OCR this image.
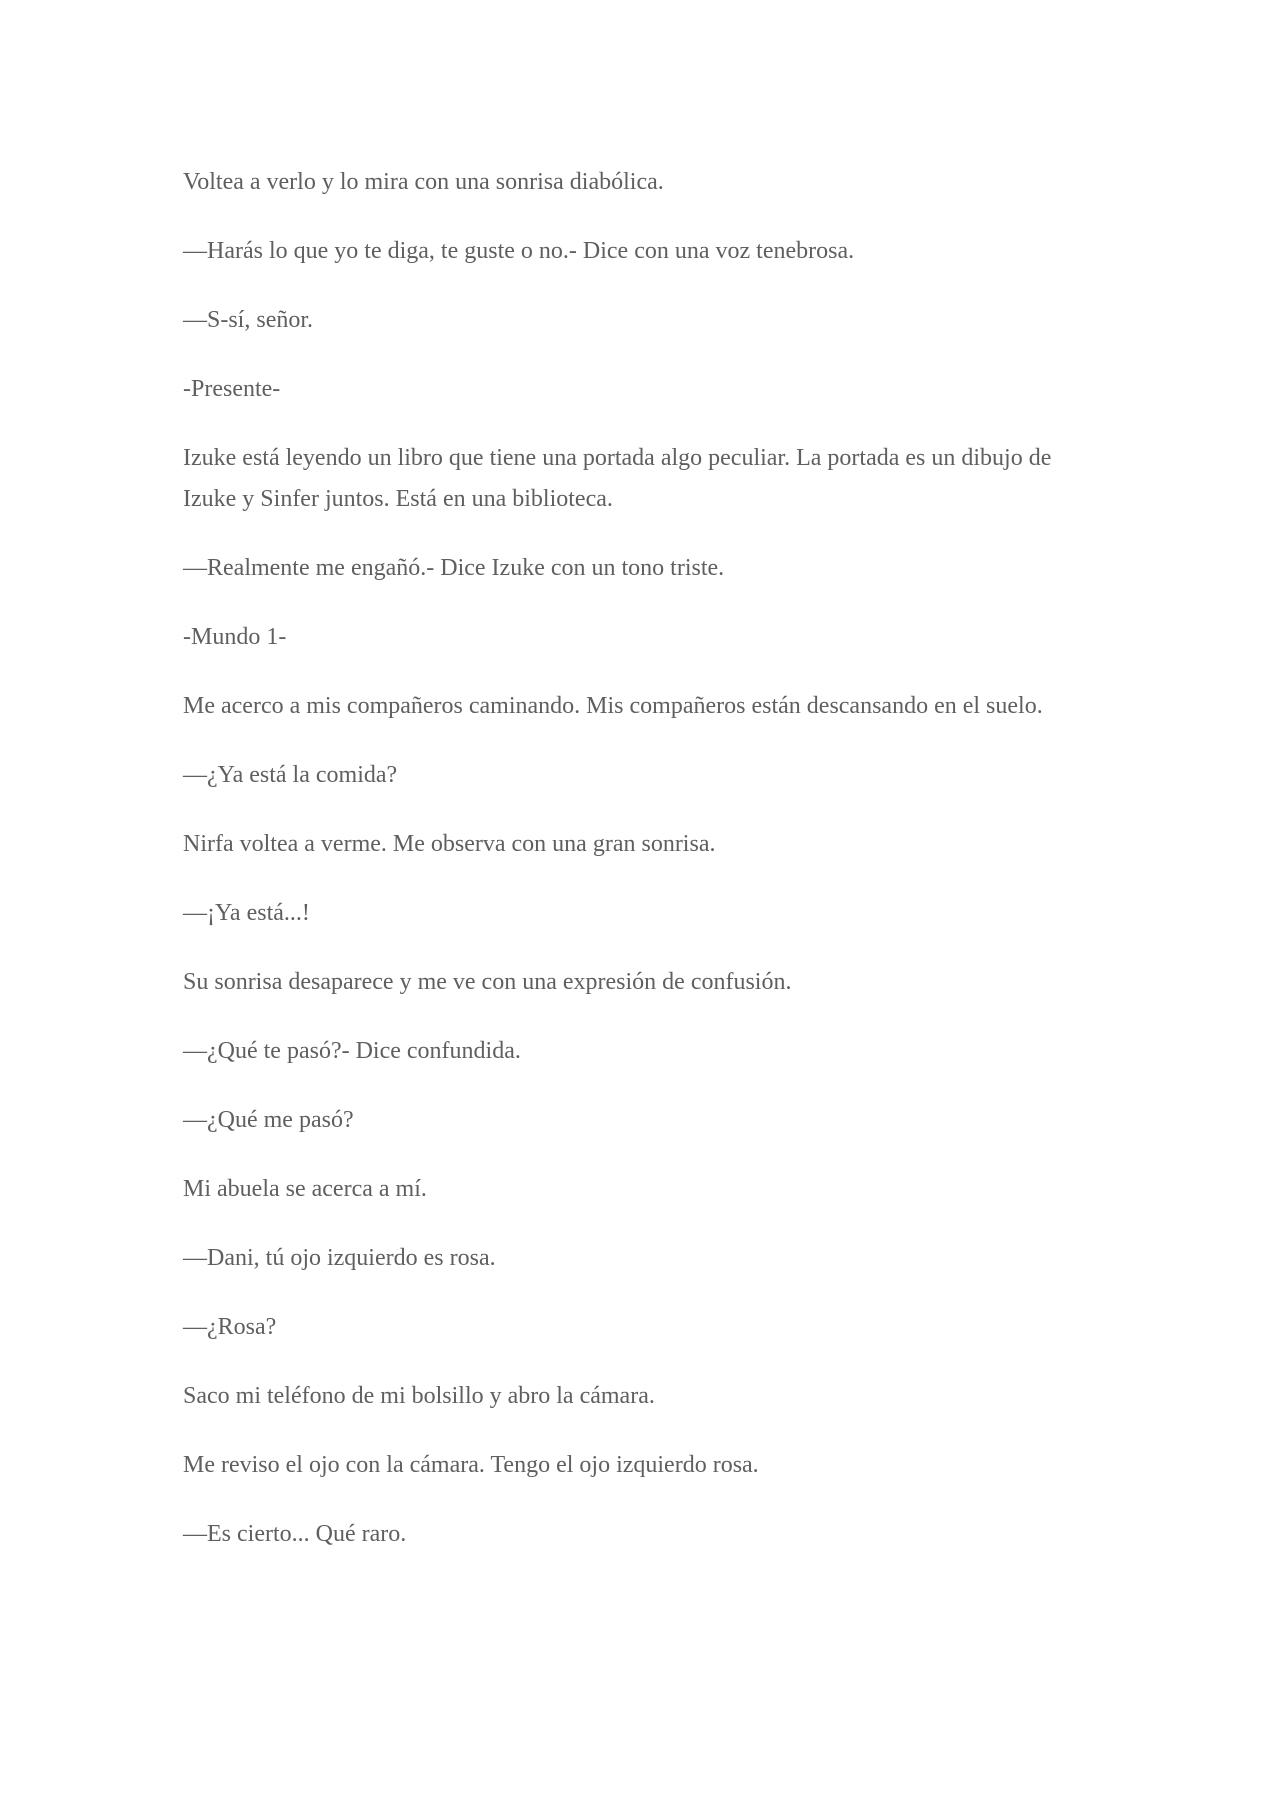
Voltea a verlo y lo mira con una sonrisa diabólica.

—Harás lo que yo te diga, te guste o no.- Dice con una voz tenebrosa.

—S-sí, señor.

-Presente-

Izuke está leyendo un libro que tiene una portada algo peculiar. La portada es un dibujo de Izuke y Sinfer juntos. Está en una biblioteca.

—Realmente me engañó.- Dice Izuke con un tono triste.

-Mundo 1-

Me acerco a mis compañeros caminando. Mis compañeros están descansando en el suelo.

—¿Ya está la comida?

Nirfa voltea a verme. Me observa con una gran sonrisa.

—¡Ya está...!

Su sonrisa desaparece y me ve con una expresión de confusión.

—¿Qué te pasó?- Dice confundida.

—¿Qué me pasó?

Mi abuela se acerca a mí.

—Dani, tú ojo izquierdo es rosa.

—¿Rosa?

Saco mi teléfono de mi bolsillo y abro la cámara.

Me reviso el ojo con la cámara. Tengo el ojo izquierdo rosa.

—Es cierto... Qué raro.
